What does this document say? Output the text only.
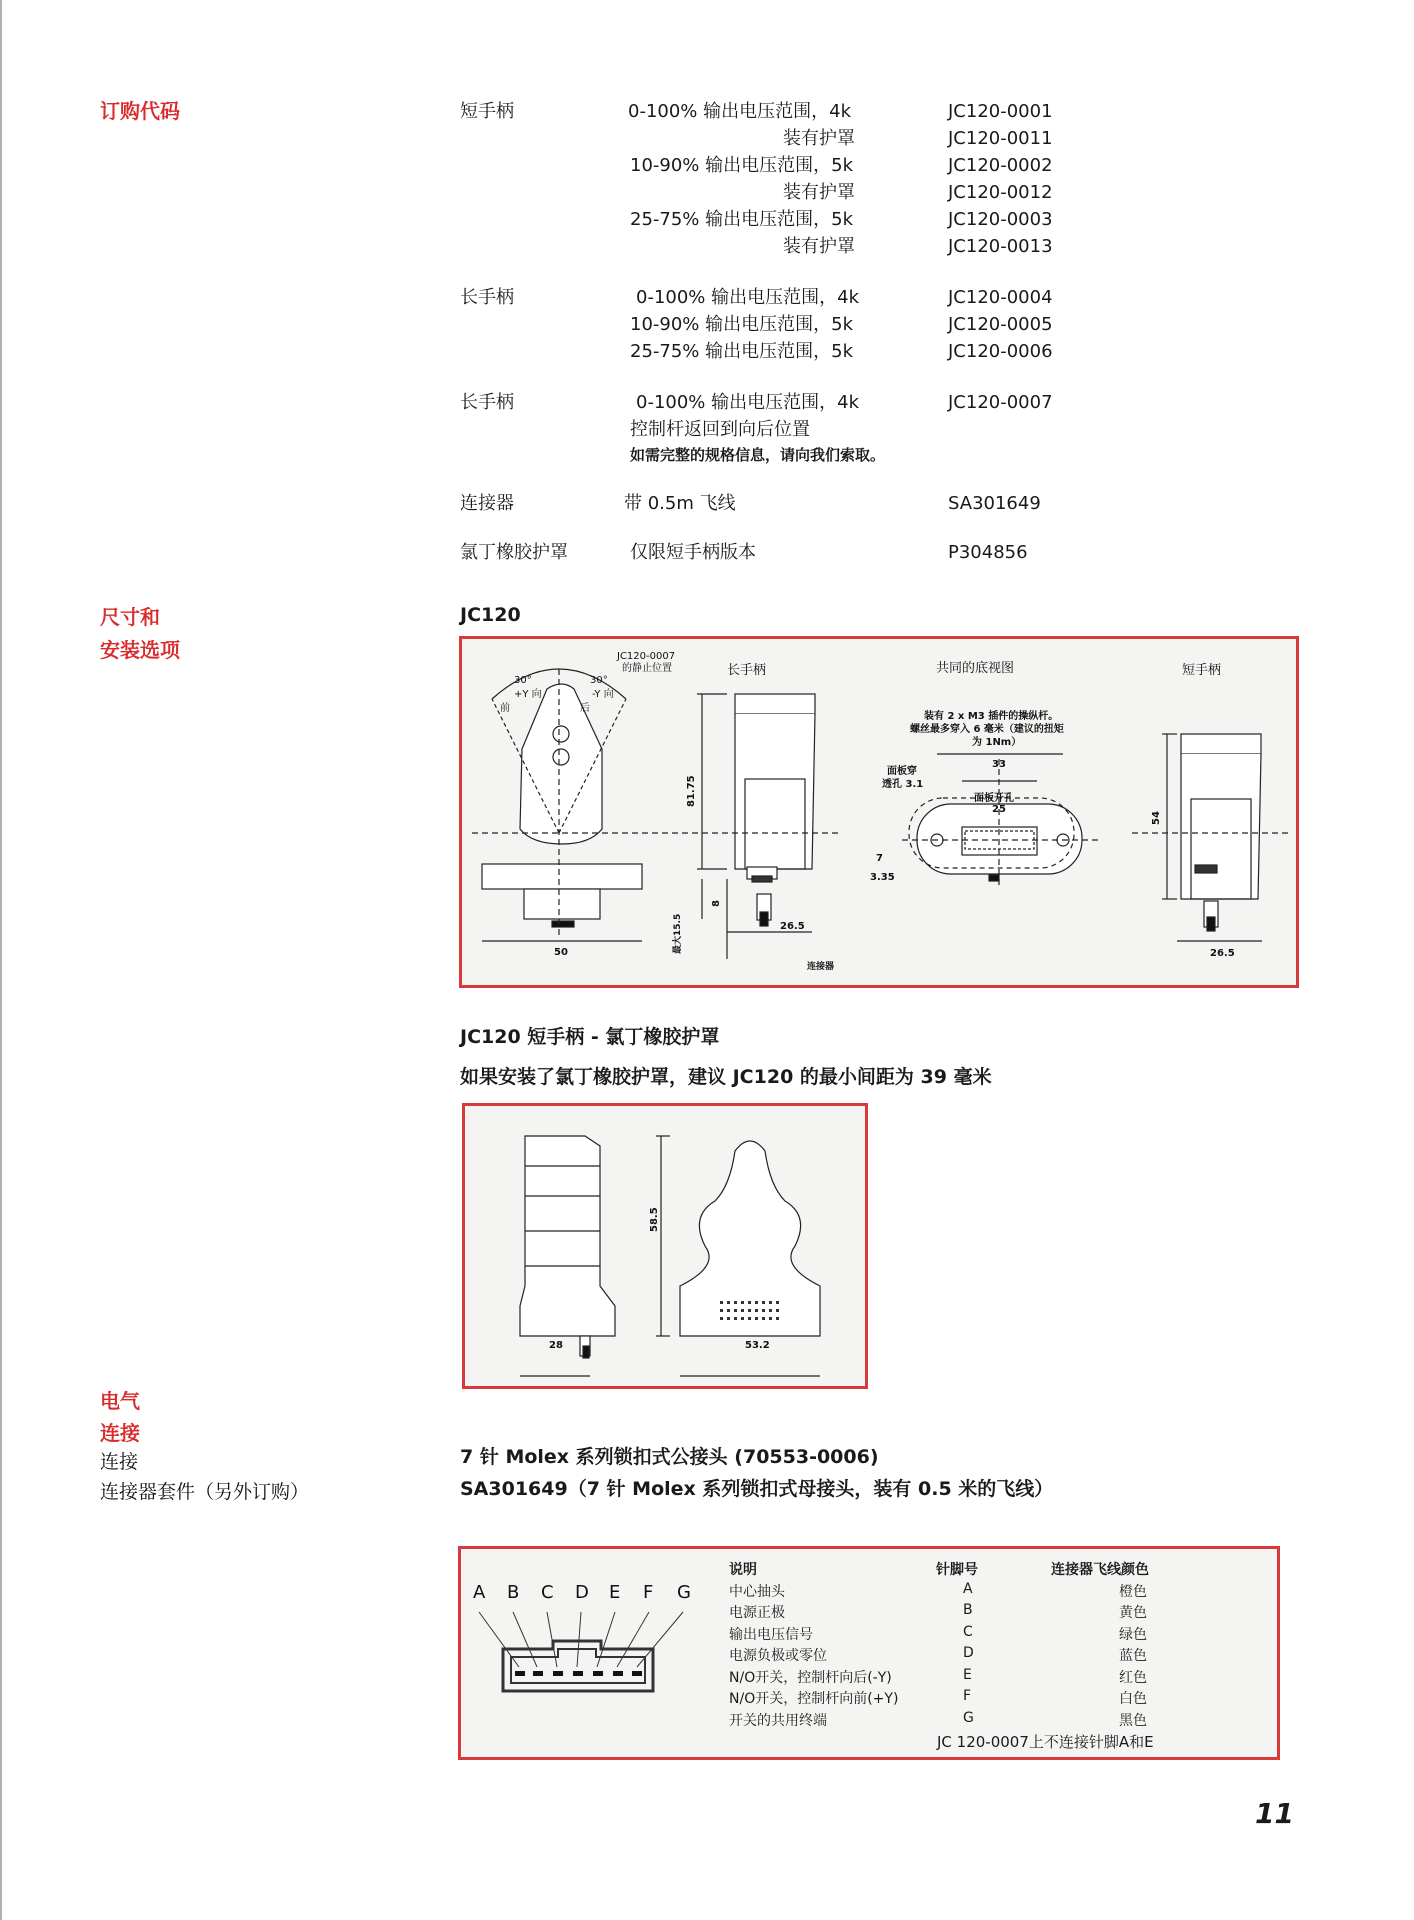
订购代码
尺寸和
安装选项
电气
连接
连接
连接器套件（另外订购）
短手柄	0-100% 输出电压范围，4k	JC120-0001
装有护罩	JC120-0011
10-90% 输出电压范围，5k	JC120-0002
装有护罩	JC120-0012
25-75% 输出电压范围，5k	JC120-0003
装有护罩	JC120-0013
长手柄	0-100% 输出电压范围，4k	JC120-0004
10-90% 输出电压范围，5k	JC120-0005
25-75% 输出电压范围，5k	JC120-0006
长手柄	0-100% 输出电压范围，4k	JC120-0007
控制杆返回到向后位置
如需完整的规格信息，请向我们索取。
连接器	带 0.5m 飞线	SA301649
氯丁橡胶护罩	仅限短手柄版本	P304856
JC120
JC120-0007
的静止位置	长手柄	共同的底视图	短手柄
装有 2 x M3 插件的操纵杆。
螺丝最多穿入 6 毫米（建议的扭矩
为 1Nm）
面板穿
透孔 3.1
面板开孔
前	后
+Y 向	-Y 向
30°	30°
50
81.75
8
最大15.5	26.5
连接器
33
25
7
3.35
54
26.5
JC120 短手柄 - 氯丁橡胶护罩
如果安装了氯丁橡胶护罩，建议 JC120 的最小间距为 39 毫米
58.5
28	53.2
7 针 Molex 系列锁扣式公接头 (70553-0006)
SA301649（7 针 Molex 系列锁扣式母接头，装有 0.5 米的飞线）
A B C D E F G
说明	针脚号	连接器飞线颜色
中心抽头	A	橙色
电源正极	B	黄色
输出电压信号	C	绿色
电源负极或零位	D	蓝色
N/O开关，控制杆向后(-Y)	E	红色
N/O开关，控制杆向前(+Y)	F	白色
开关的共用终端	G	黑色
JC 120-0007上不连接针脚A和E
11
